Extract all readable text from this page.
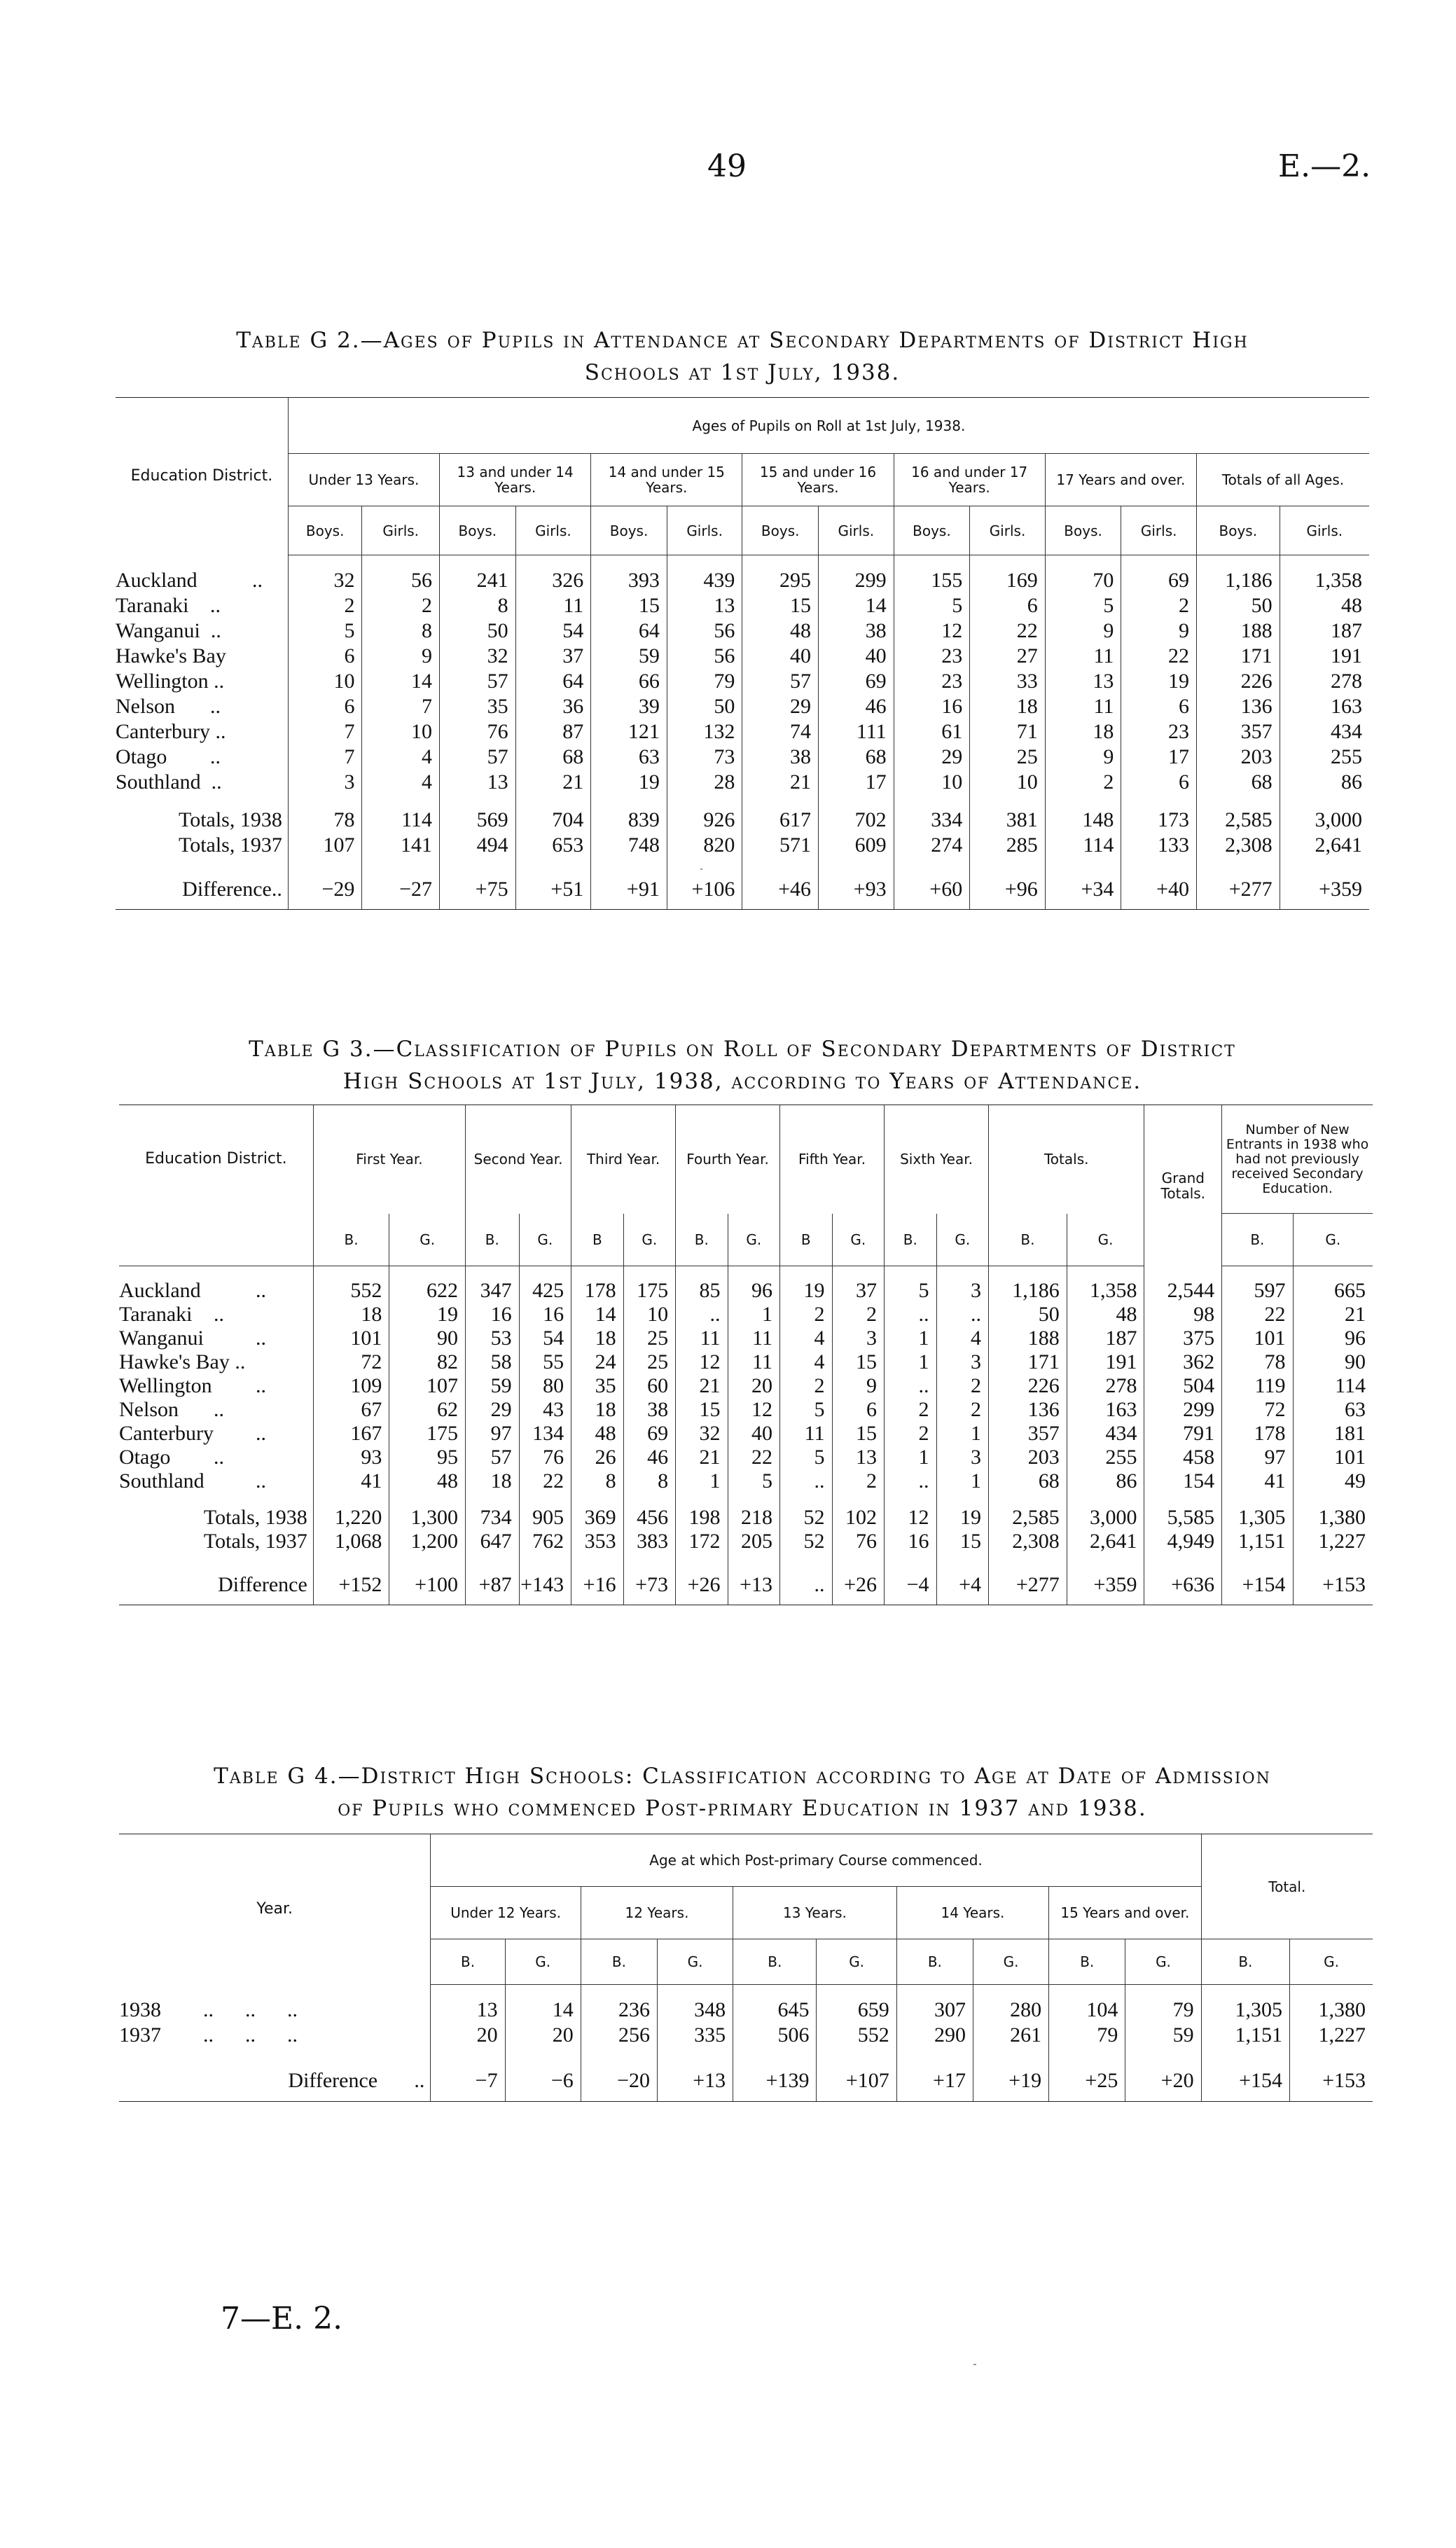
49	E.—2.
Table G 2.—Ages of Pupils in Attendance at Secondary Departments of District High
Schools at 1st July, 1938.
Education District.	Ages of Pupils on Roll at 1st July, 1938.													
	Under 13 Years.		13 and under 14 Years.		14 and under 15 Years.		15 and under 16 Years.		16 and under 17 Years.		17 Years and over.		Totals of all Ages.	
	Boys.	Girls.	Boys.	Girls.	Boys.	Girls.	Boys.	Girls.	Boys.	Girls.	Boys.	Girls.	Boys.	Girls.

Auckland	..	32	56	241	326	393	439	295	299	155	169	70	69	1,186	1,358
Taranaki	..	2	2	8	11	15	13	15	14	5	6	5	2	50	48
Wanganui  ..	5	8	50	54	64	56	48	38	12	22	9	9	188	187
Hawke's Bay	6	9	32	37	59	56	40	40	23	27	11	22	171	191
Wellington ..	10	14	57	64	66	79	57	69	23	33	13	19	226	278
Nelson	..	6	7	35	36	39	50	29	46	16	18	11	6	136	163
Canterbury ..	7	10	76	87	121	132	74	111	61	71	18	23	357	434
Otago	..	7	4	57	68	63	73	38	68	29	25	9	17	203	255
Southland  ..	3	4	13	21	19	28	21	17	10	10	2	6	68	86

Totals, 1938	78	114	569	704	839	926	617	702	334	381	148	173	2,585	3,000
Totals, 1937	107	141	494	653	748	820	571	609	274	285	114	133	2,308	2,641

Difference..	−29	−27	+75	+51	+91	+106	+46	+93	+60	+96	+34	+40	+277	+359
Table G 3.—Classification of Pupils on Roll of Secondary Departments of District
High Schools at 1st July, 1938, according to Years of Attendance.
Education District.	First Year.		Second Year.		Third Year.		Fourth Year.		Fifth Year.		Sixth Year.		Totals.		Grand Totals.	Number of New Entrants in 1938 who had not previously received Secondary Education.	
	B.	G.	B.	G.	B	G.	B.	G.	B	G.	B.	G.	B.	G.		B.	G.

Auckland	..	552	622	347	425	178	175	85	96	19	37	5	3	1,186	1,358	2,544	597	665
Taranaki	..	18	19	16	16	14	10	..	1	2	2	..	..	50	48	98	22	21
Wanganui	..	101	90	53	54	18	25	11	11	4	3	1	4	188	187	375	101	96
Hawke's Bay ..	72	82	58	55	24	25	12	11	4	15	1	3	171	191	362	78	90
Wellington	..	109	107	59	80	35	60	21	20	2	9	..	2	226	278	504	119	114
Nelson	..	67	62	29	43	18	38	15	12	5	6	2	2	136	163	299	72	63
Canterbury	..	167	175	97	134	48	69	32	40	11	15	2	1	357	434	791	178	181
Otago	..	93	95	57	76	26	46	21	22	5	13	1	3	203	255	458	97	101
Southland	..	41	48	18	22	8	8	1	5	..	2	..	1	68	86	154	41	49

Totals, 1938	1,220	1,300	734	905	369	456	198	218	52	102	12	19	2,585	3,000	5,585	1,305	1,380
Totals, 1937	1,068	1,200	647	762	353	383	172	205	52	76	16	15	2,308	2,641	4,949	1,151	1,227

Difference	+152	+100	+87	+143	+16	+73	+26	+13	..	+26	−4	+4	+277	+359	+636	+154	+153
Table G 4.—District High Schools: Classification according to Age at Date of Admission
of Pupils who commenced Post-primary Education in 1937 and 1938.
Year.	Age at which Post-primary Course commenced.										Total.	
	Under 12 Years.		12 Years.		13 Years.		14 Years.		15 Years and over.			
	B.	G.	B.	G.	B.	G.	B.	G.	B.	G.	B.	G.

1938	..	..	..	13	14	236	348	645	659	307	280	104	79	1,305	1,380
1937	..	..	..	20	20	256	335	506	552	290	261	79	59	1,151	1,227

Difference	..	−7	−6	−20	+13	+139	+107	+17	+19	+25	+20	+154	+153
7—E. 2.
